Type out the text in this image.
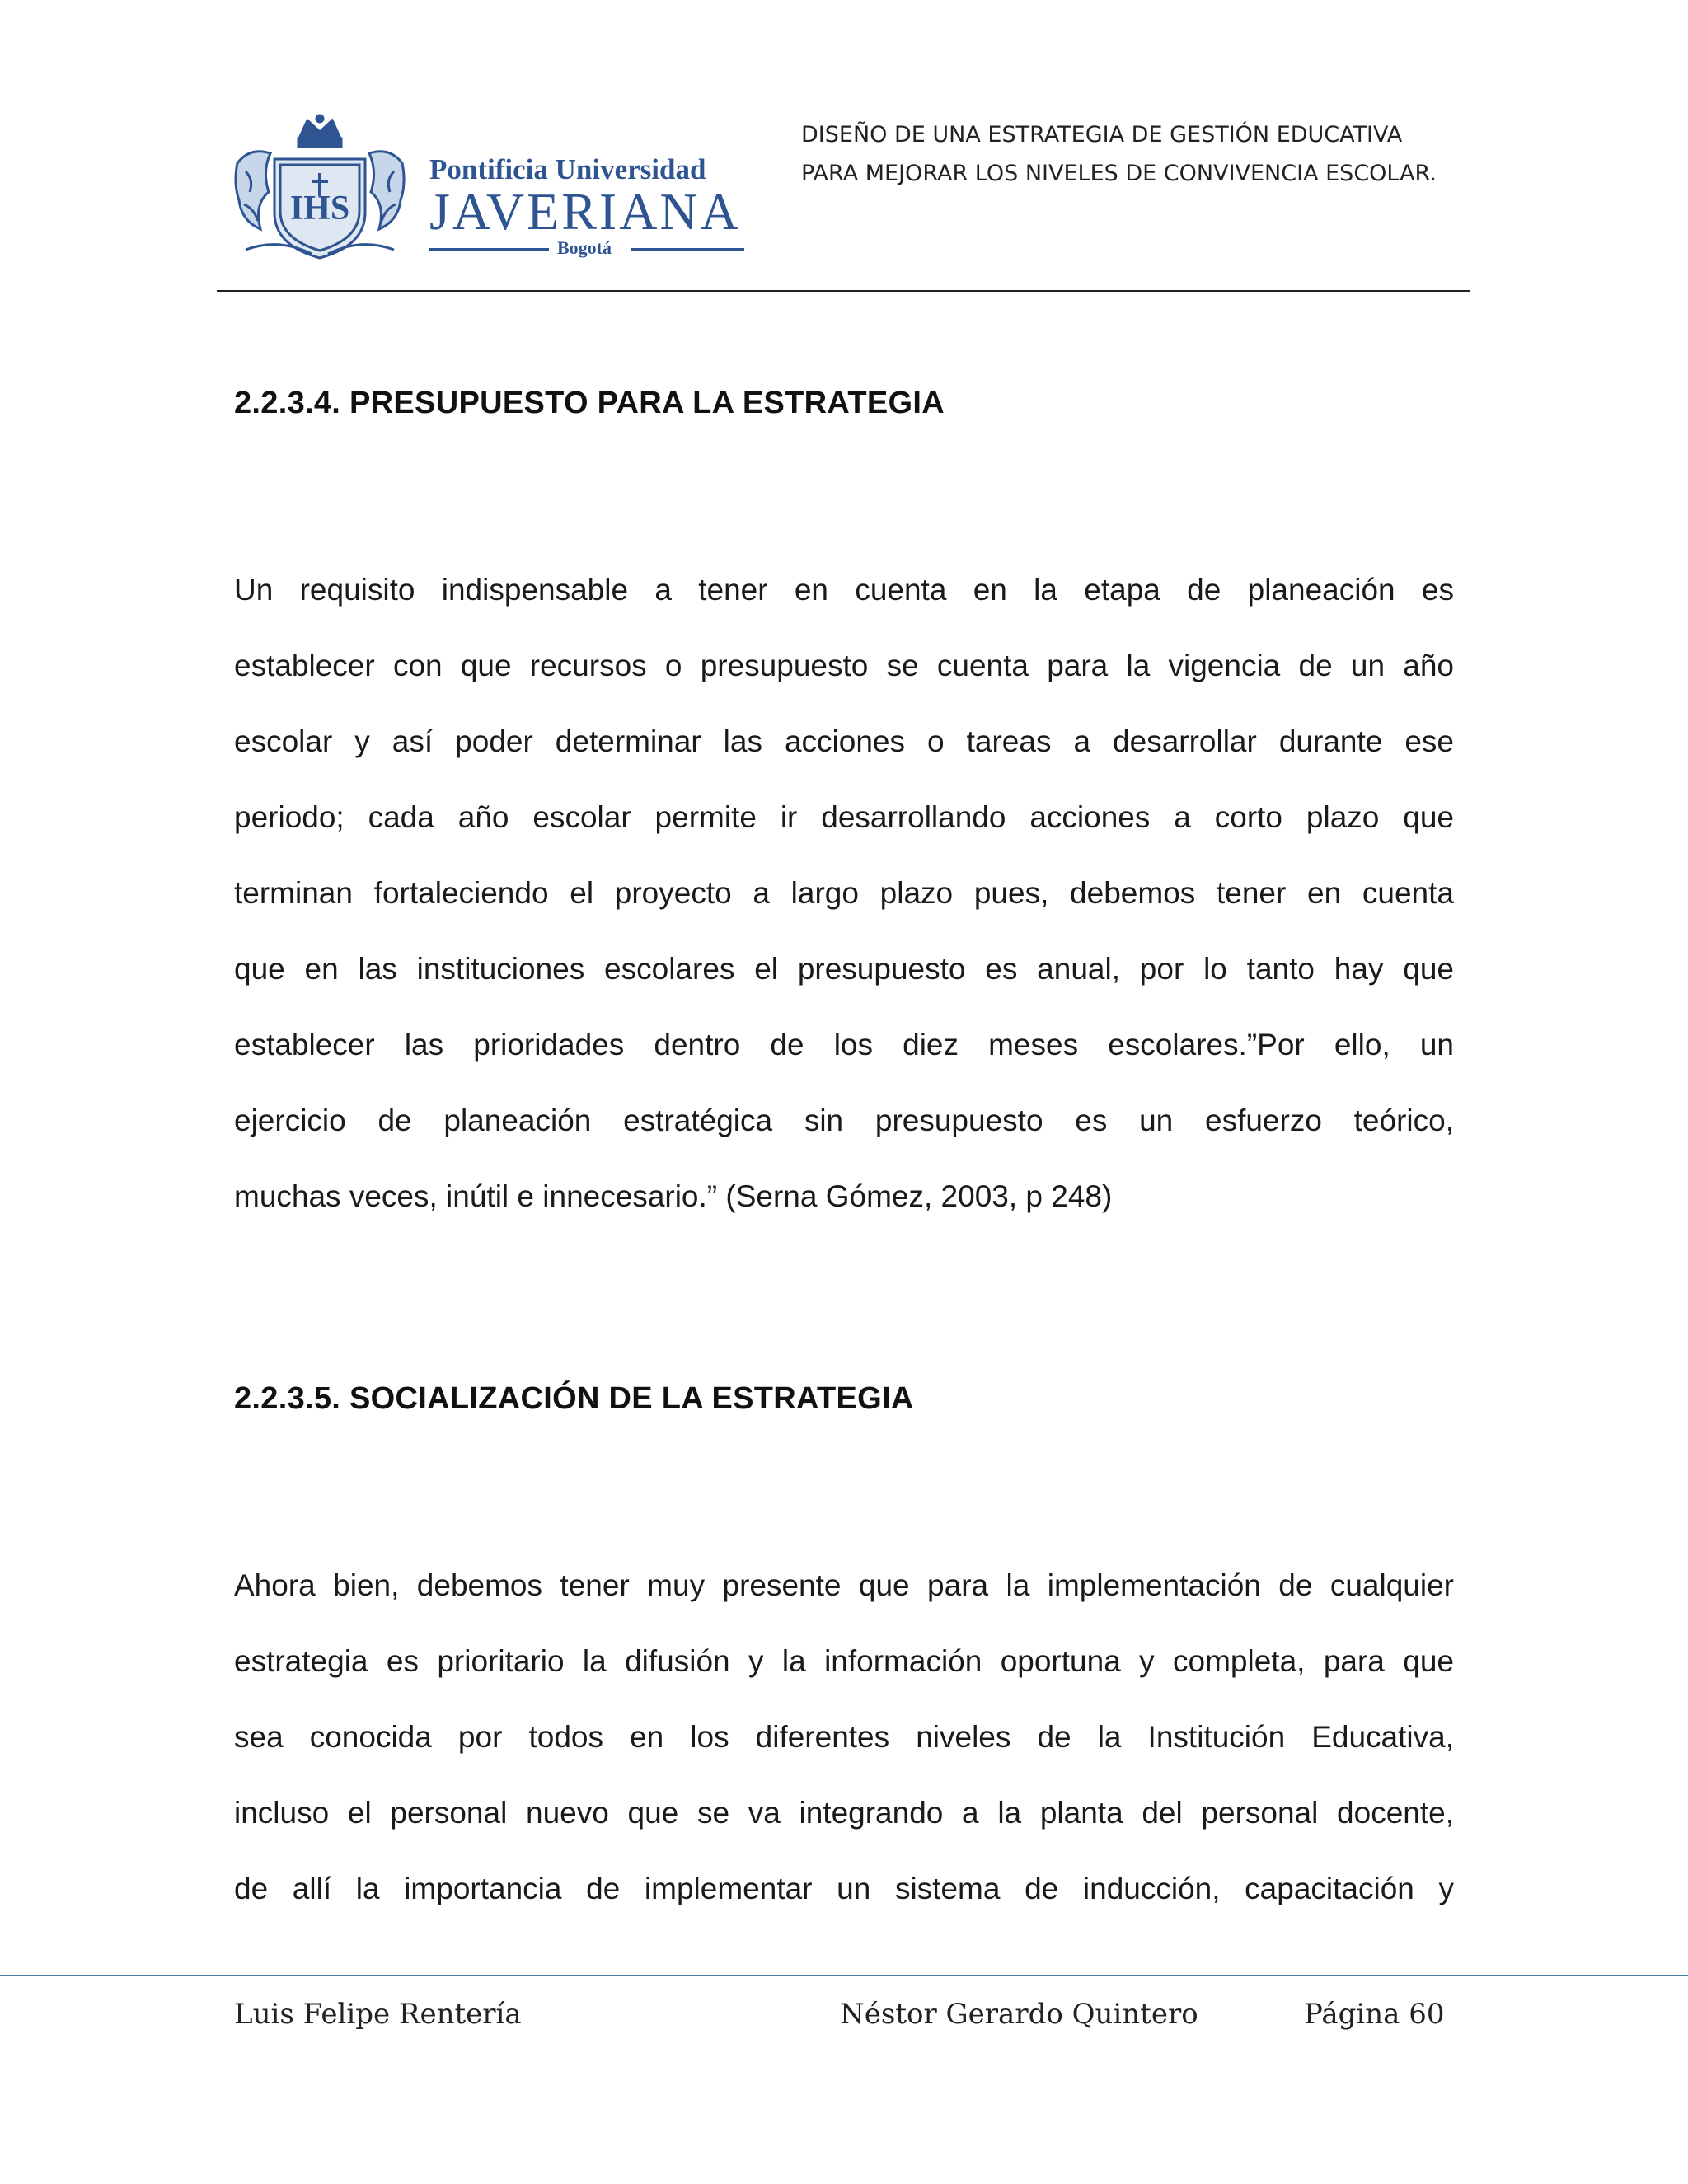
IHS
Pontificia Universidad
JAVERIANA
Bogotá
DISEÑO DE UNA ESTRATEGIA DE GESTIÓN EDUCATIVA
PARA MEJORAR LOS NIVELES DE CONVIVENCIA ESCOLAR.
2.2.3.4. PRESUPUESTO PARA LA ESTRATEGIA
Un requisito indispensable a tener en cuenta en la etapa de planeación es
establecer con que recursos o presupuesto se cuenta para la vigencia de un año
escolar y así poder determinar las acciones o tareas a desarrollar durante ese
periodo; cada año escolar permite ir desarrollando acciones a corto plazo que
terminan fortaleciendo el proyecto a largo plazo pues, debemos tener en cuenta
que en las instituciones escolares el presupuesto es anual, por lo tanto hay que
establecer las prioridades dentro de los diez meses escolares.”Por ello, un
ejercicio de planeación estratégica sin presupuesto es un esfuerzo teórico,
muchas veces, inútil e innecesario.” (Serna Gómez, 2003, p 248)
2.2.3.5. SOCIALIZACIÓN DE LA ESTRATEGIA
Ahora bien, debemos tener muy presente que para la implementación de cualquier
estrategia es prioritario la difusión y la información oportuna y completa, para que
sea conocida por todos en los diferentes niveles de la Institución Educativa,
incluso el personal nuevo que se va integrando a la planta del personal docente,
de allí la importancia de implementar un sistema de inducción, capacitación y
Luis Felipe Rentería	Néstor Gerardo Quintero	Página 60
